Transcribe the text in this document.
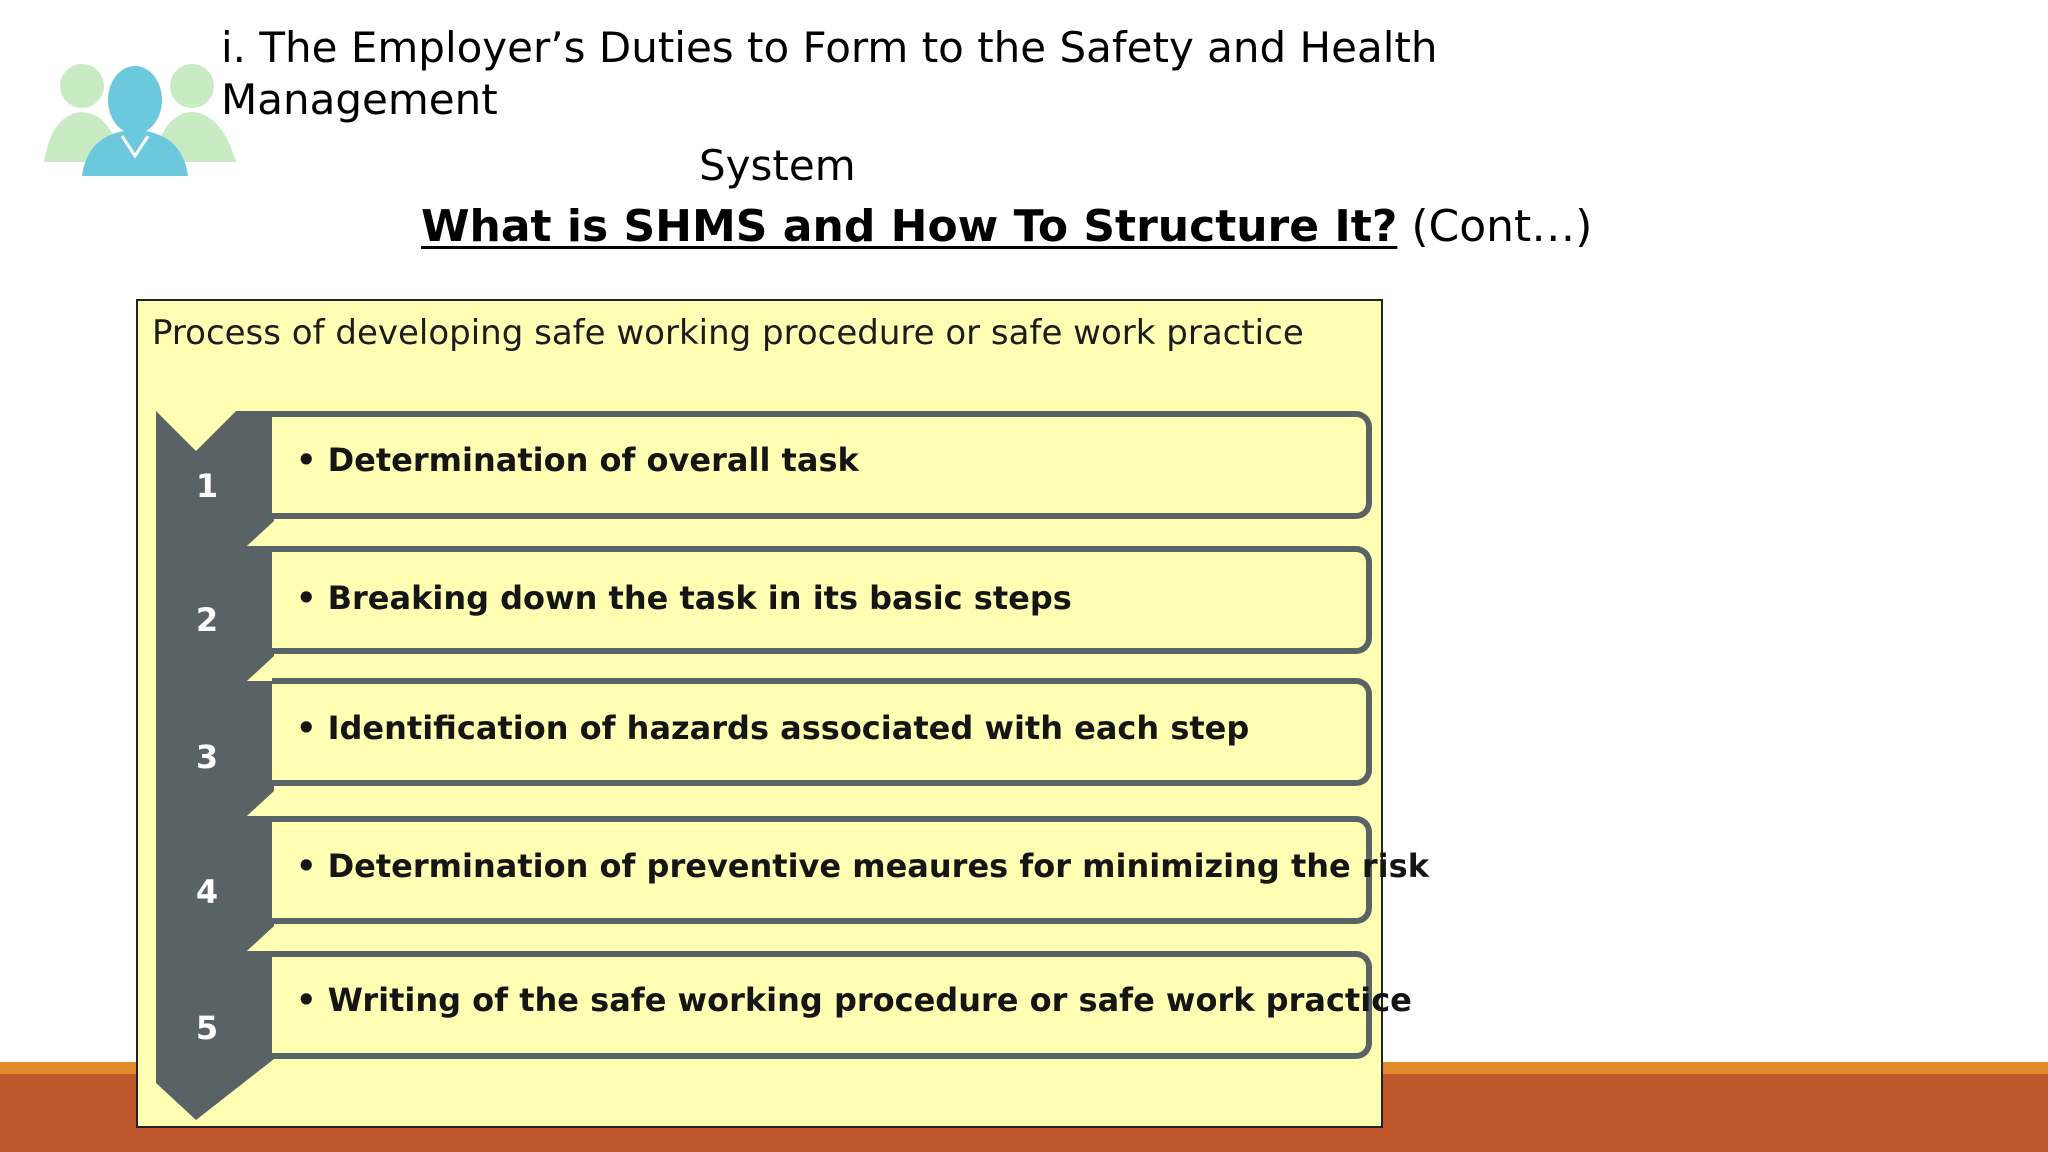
i. The Employer’s Duties to Form to the Safety and Health
Management
System
What is SHMS and How To Structure It? (Cont…)
Process of developing safe working procedure or safe work practice
• Determination of overall task
• Breaking down the task in its basic steps
• Identification of hazards associated with each step
• Determination of preventive meaures for minimizing the risk
• Writing of the safe working procedure or safe work practice
1
2
3
4
5
